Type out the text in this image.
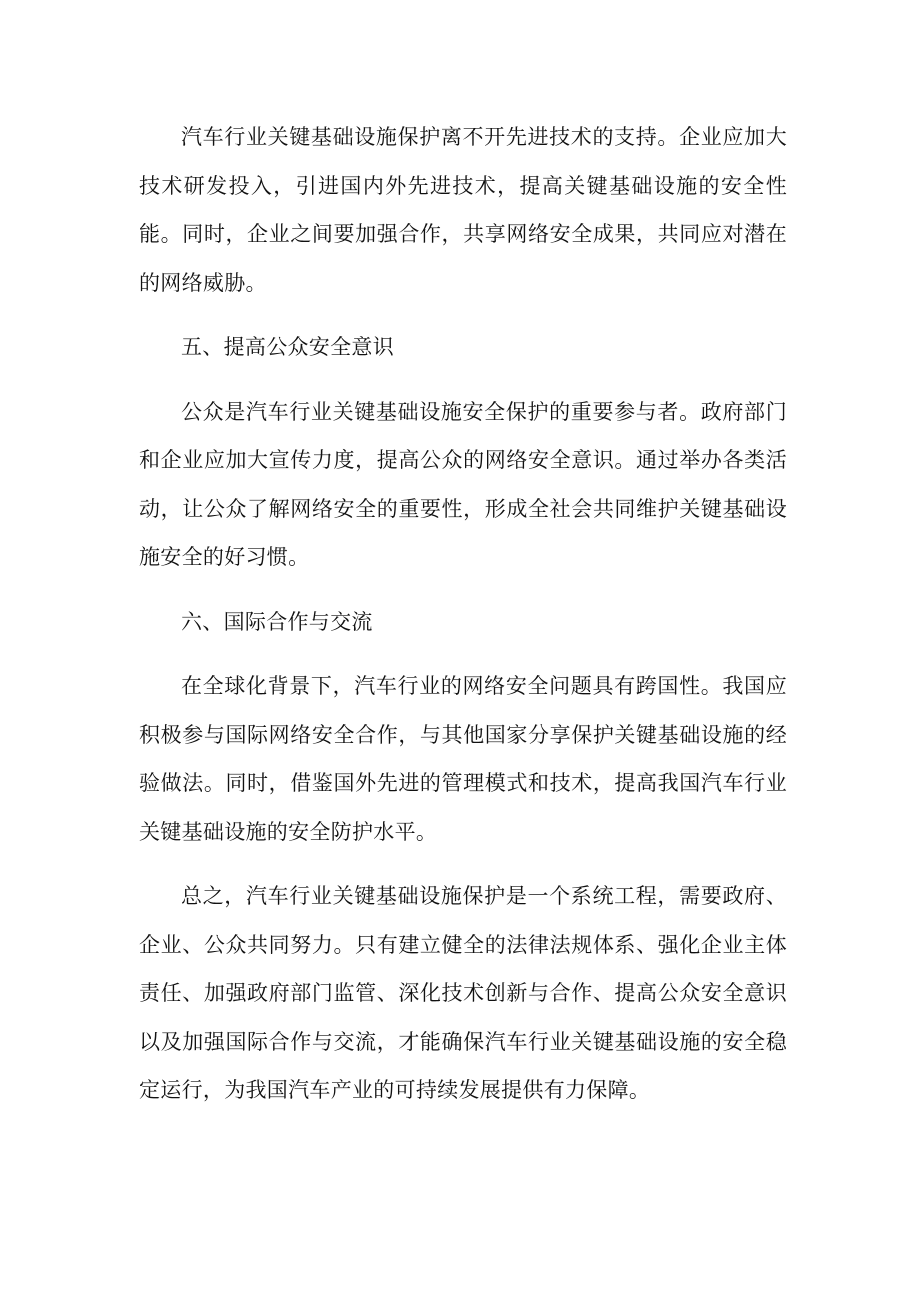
汽车行业关键基础设施保护离不开先进技术的支持。企业应加大技术研发投入，引进国内外先进技术，提高关键基础设施的安全性能。同时，企业之间要加强合作，共享网络安全成果，共同应对潜在的网络威胁。

五、提高公众安全意识

公众是汽车行业关键基础设施安全保护的重要参与者。政府部门和企业应加大宣传力度，提高公众的网络安全意识。通过举办各类活动，让公众了解网络安全的重要性，形成全社会共同维护关键基础设施安全的好习惯。

六、国际合作与交流

在全球化背景下，汽车行业的网络安全问题具有跨国性。我国应积极参与国际网络安全合作，与其他国家分享保护关键基础设施的经验做法。同时，借鉴国外先进的管理模式和技术，提高我国汽车行业关键基础设施的安全防护水平。

总之，汽车行业关键基础设施保护是一个系统工程，需要政府、企业、公众共同努力。只有建立健全的法律法规体系、强化企业主体责任、加强政府部门监管、深化技术创新与合作、提高公众安全意识以及加强国际合作与交流，才能确保汽车行业关键基础设施的安全稳定运行，为我国汽车产业的可持续发展提供有力保障。
